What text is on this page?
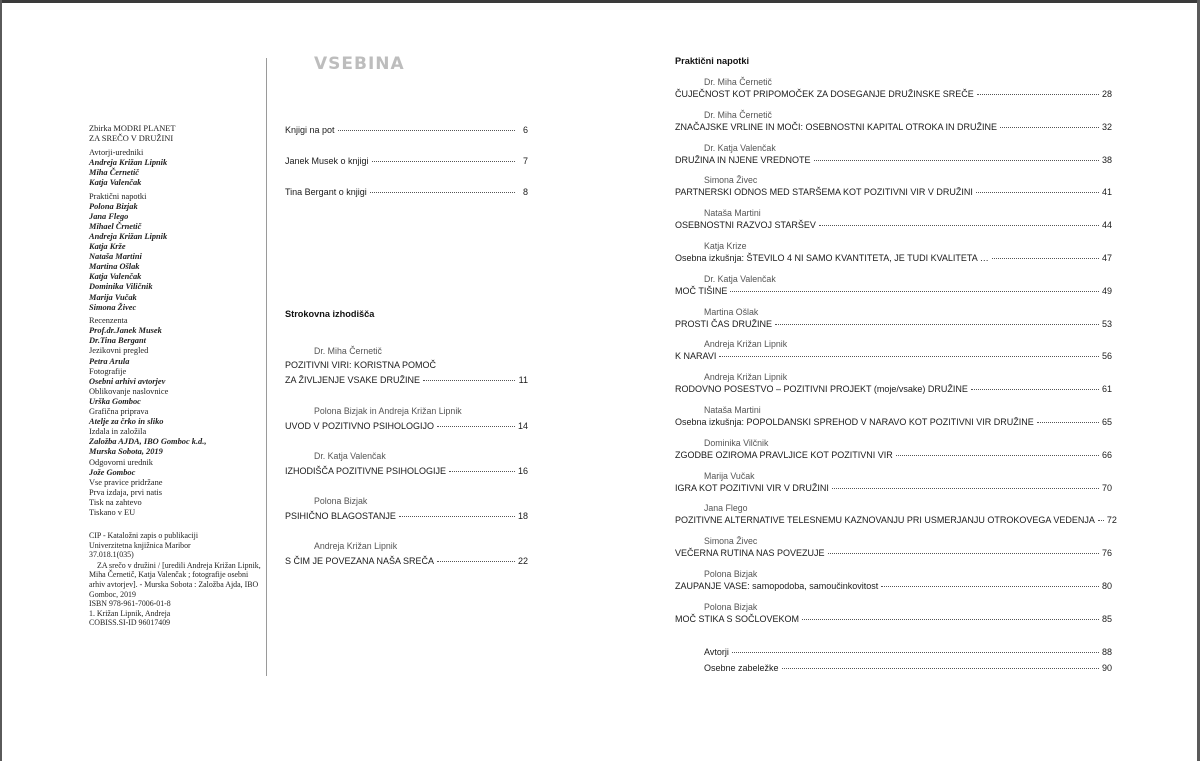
Zbirka MODRI PLANET
ZA SREČO V DRUŽINI
Avtorji-uredniki
Andreja Križan Lipnik
Miha Černetič
Katja Valenčak
Praktični napotki
Polona Bizjak
Jana Flego
Mihael Črnetič
Andreja Križan Lipnik
Katja Krže
Nataša Martini
Martina Ošlak
Katja Valenčak
Dominika Viličnik
Marija Vučak
Simona Živec
Recenzenta
Prof.dr.Janek Musek
Dr.Tina Bergant
Jezikovni pregled
Petra Arula
Fotografije
Osebni arhivi avtorjev
Oblikovanje naslovnice
Urška Gomboc
Grafična priprava
Atelje za črko in sliko
Izdala in založila
Založba AJDA, IBO Gomboc k.d.,
Murska Sobota, 2019
Odgovorni urednik
Jože Gomboc
Vse pravice pridržane
Prva izdaja, prvi natis
Tisk na zahtevo
Tiskano v EU
CIP - Kataložni zapis o publikaciji
Univerzitetna knjižnica Maribor
37.018.1(035)
ZA srečo v družini / [uredili Andreja Križan Lipnik, Miha Černetič, Katja Valenčak ; fotografije osebni arhiv avtorjev]. - Murska Sobota : Založba Ajda, IBO Gomboc, 2019
ISBN 978-961-7006-01-8
1. Križan Lipnik, Andreja
COBISS.SI-ID 96017409
VSEBINA
Knjigi na pot	6
Janek Musek o knjigi	7
Tina Bergant o knjigi	8
Strokovna izhodišča
Dr. Miha Černetič
POZITIVNI VIRI: KORISTNA POMOČ
ZA ŽIVLJENJE VSAKE DRUŽINE	11
Polona Bizjak in Andreja Križan Lipnik
UVOD V POZITIVNO PSIHOLOGIJO	14
Dr. Katja Valenčak
IZHODIŠČA POZITIVNE PSIHOLOGIJE	16
Polona Bizjak
PSIHIČNO BLAGOSTANJE	18
Andreja Križan Lipnik
S ČIM JE POVEZANA NAŠA SREČA	22
Praktični napotki
Dr. Miha Černetič
ČUJEČNOST KOT PRIPOMOČEK ZA DOSEGANJE DRUŽINSKE SREČE	28
Dr. Miha Černetič
ZNAČAJSKE VRLINE IN MOČI: OSEBNOSTNI KAPITAL OTROKA IN DRUŽINE	32
Dr. Katja Valenčak
DRUŽINA IN NJENE VREDNOTE	38
Simona Živec
PARTNERSKI ODNOS MED STARŠEMA KOT POZITIVNI VIR V DRUŽINI	41
Nataša Martini
OSEBNOSTNI RAZVOJ STARŠEV	44
Katja Krize
Osebna izkušnja: ŠTEVILO 4 NI SAMO KVANTITETA, JE TUDI KVALITETA …	47
Dr. Katja Valenčak
MOČ TIŠINE	49
Martina Ošlak
PROSTI ČAS DRUŽINE	53
Andreja Križan Lipnik
K NARAVI	56
Andreja Križan Lipnik
RODOVNO POSESTVO – POZITIVNI PROJEKT (moje/vsake) DRUŽINE	61
Nataša Martini
Osebna izkušnja: POPOLDANSKI SPREHOD V NARAVO KOT POZITIVNI VIR DRUŽINE	65
Dominika Vilčnik
ZGODBE OZIROMA PRAVLJICE KOT POZITIVNI VIR	66
Marija Vučak
IGRA KOT POZITIVNI VIR V DRUŽINI	70
Jana Flego
POZITIVNE ALTERNATIVE TELESNEMU KAZNOVANJU PRI USMERJANJU OTROKOVEGA VEDENJA 72
Simona Živec
VEČERNA RUTINA NAS POVEZUJE	76
Polona Bizjak
ZAUPANJE VASE: samopodoba, samoučinkovitost	80
Polona Bizjak
MOČ STIKA S SOČLOVEKOM	85
Avtorji	88
Osebne zabeležke	90
